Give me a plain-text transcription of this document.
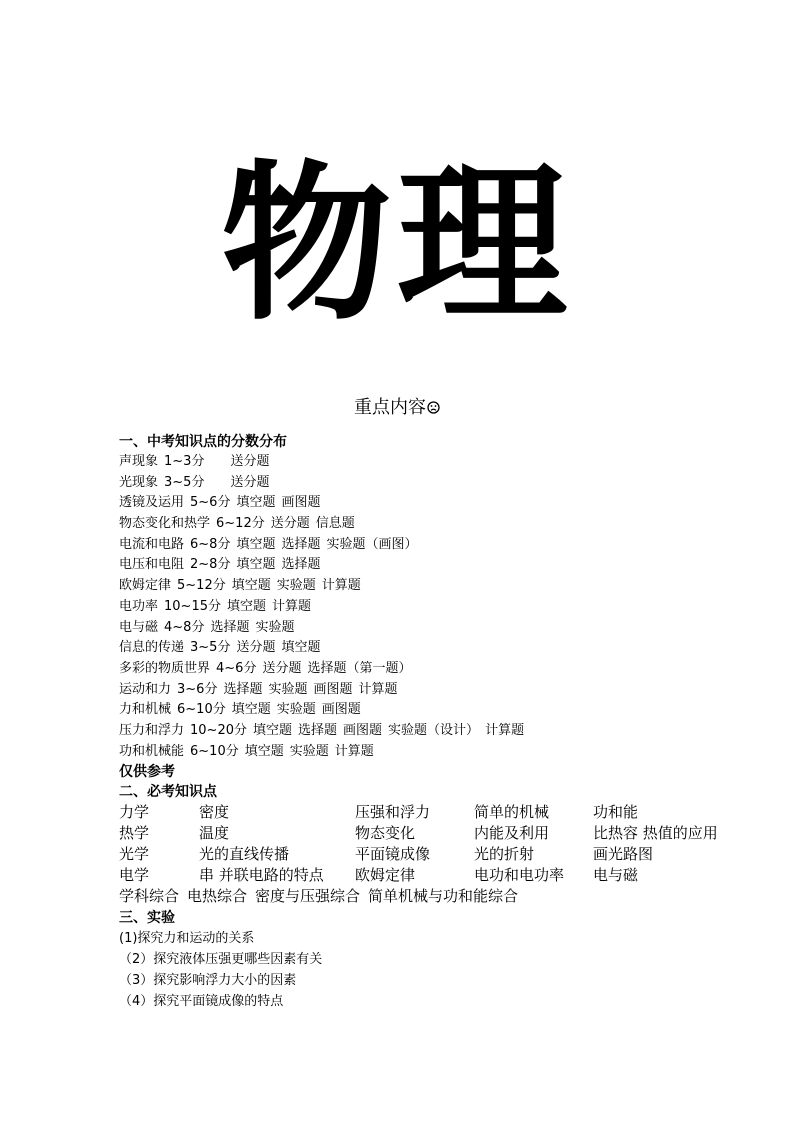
物理
重点内容
一、中考知识点的分数分布
声现象 1~3分 送分题
光现象 3~5分 送分题
透镜及运用 5~6分 填空题 画图题
物态变化和热学 6~12分 送分题 信息题
电流和电路 6~8分 填空题 选择题 实验题（画图）
电压和电阻 2~8分 填空题 选择题
欧姆定律 5~12分 填空题 实验题 计算题
电功率 10~15分 填空题 计算题
电与磁 4~8分 选择题 实验题
信息的传递 3~5分 送分题 填空题
多彩的物质世界 4~6分 送分题 选择题（第一题）
运动和力 3~6分 选择题 实验题 画图题 计算题
力和机械 6~10分 填空题 实验题 画图题
压力和浮力 10~20分 填空题 选择题 画图题 实验题（设计） 计算题
功和机械能 6~10分 填空题 实验题 计算题
仅供参考
二、必考知识点
力学	密度	压强和浮力	简单的机械	功和能
热学	温度	物态变化	内能及利用	比热容 热值的应用
光学	光的直线传播	平面镜成像	光的折射	画光路图
电学	串 并联电路的特点	欧姆定律	电功和电功率	电与磁
学科综合 电热综合 密度与压强综合 简单机械与功和能综合
三、实验
(1)探究力和运动的关系
（2）探究液体压强更哪些因素有关
（3）探究影响浮力大小的因素
（4）探究平面镜成像的特点
